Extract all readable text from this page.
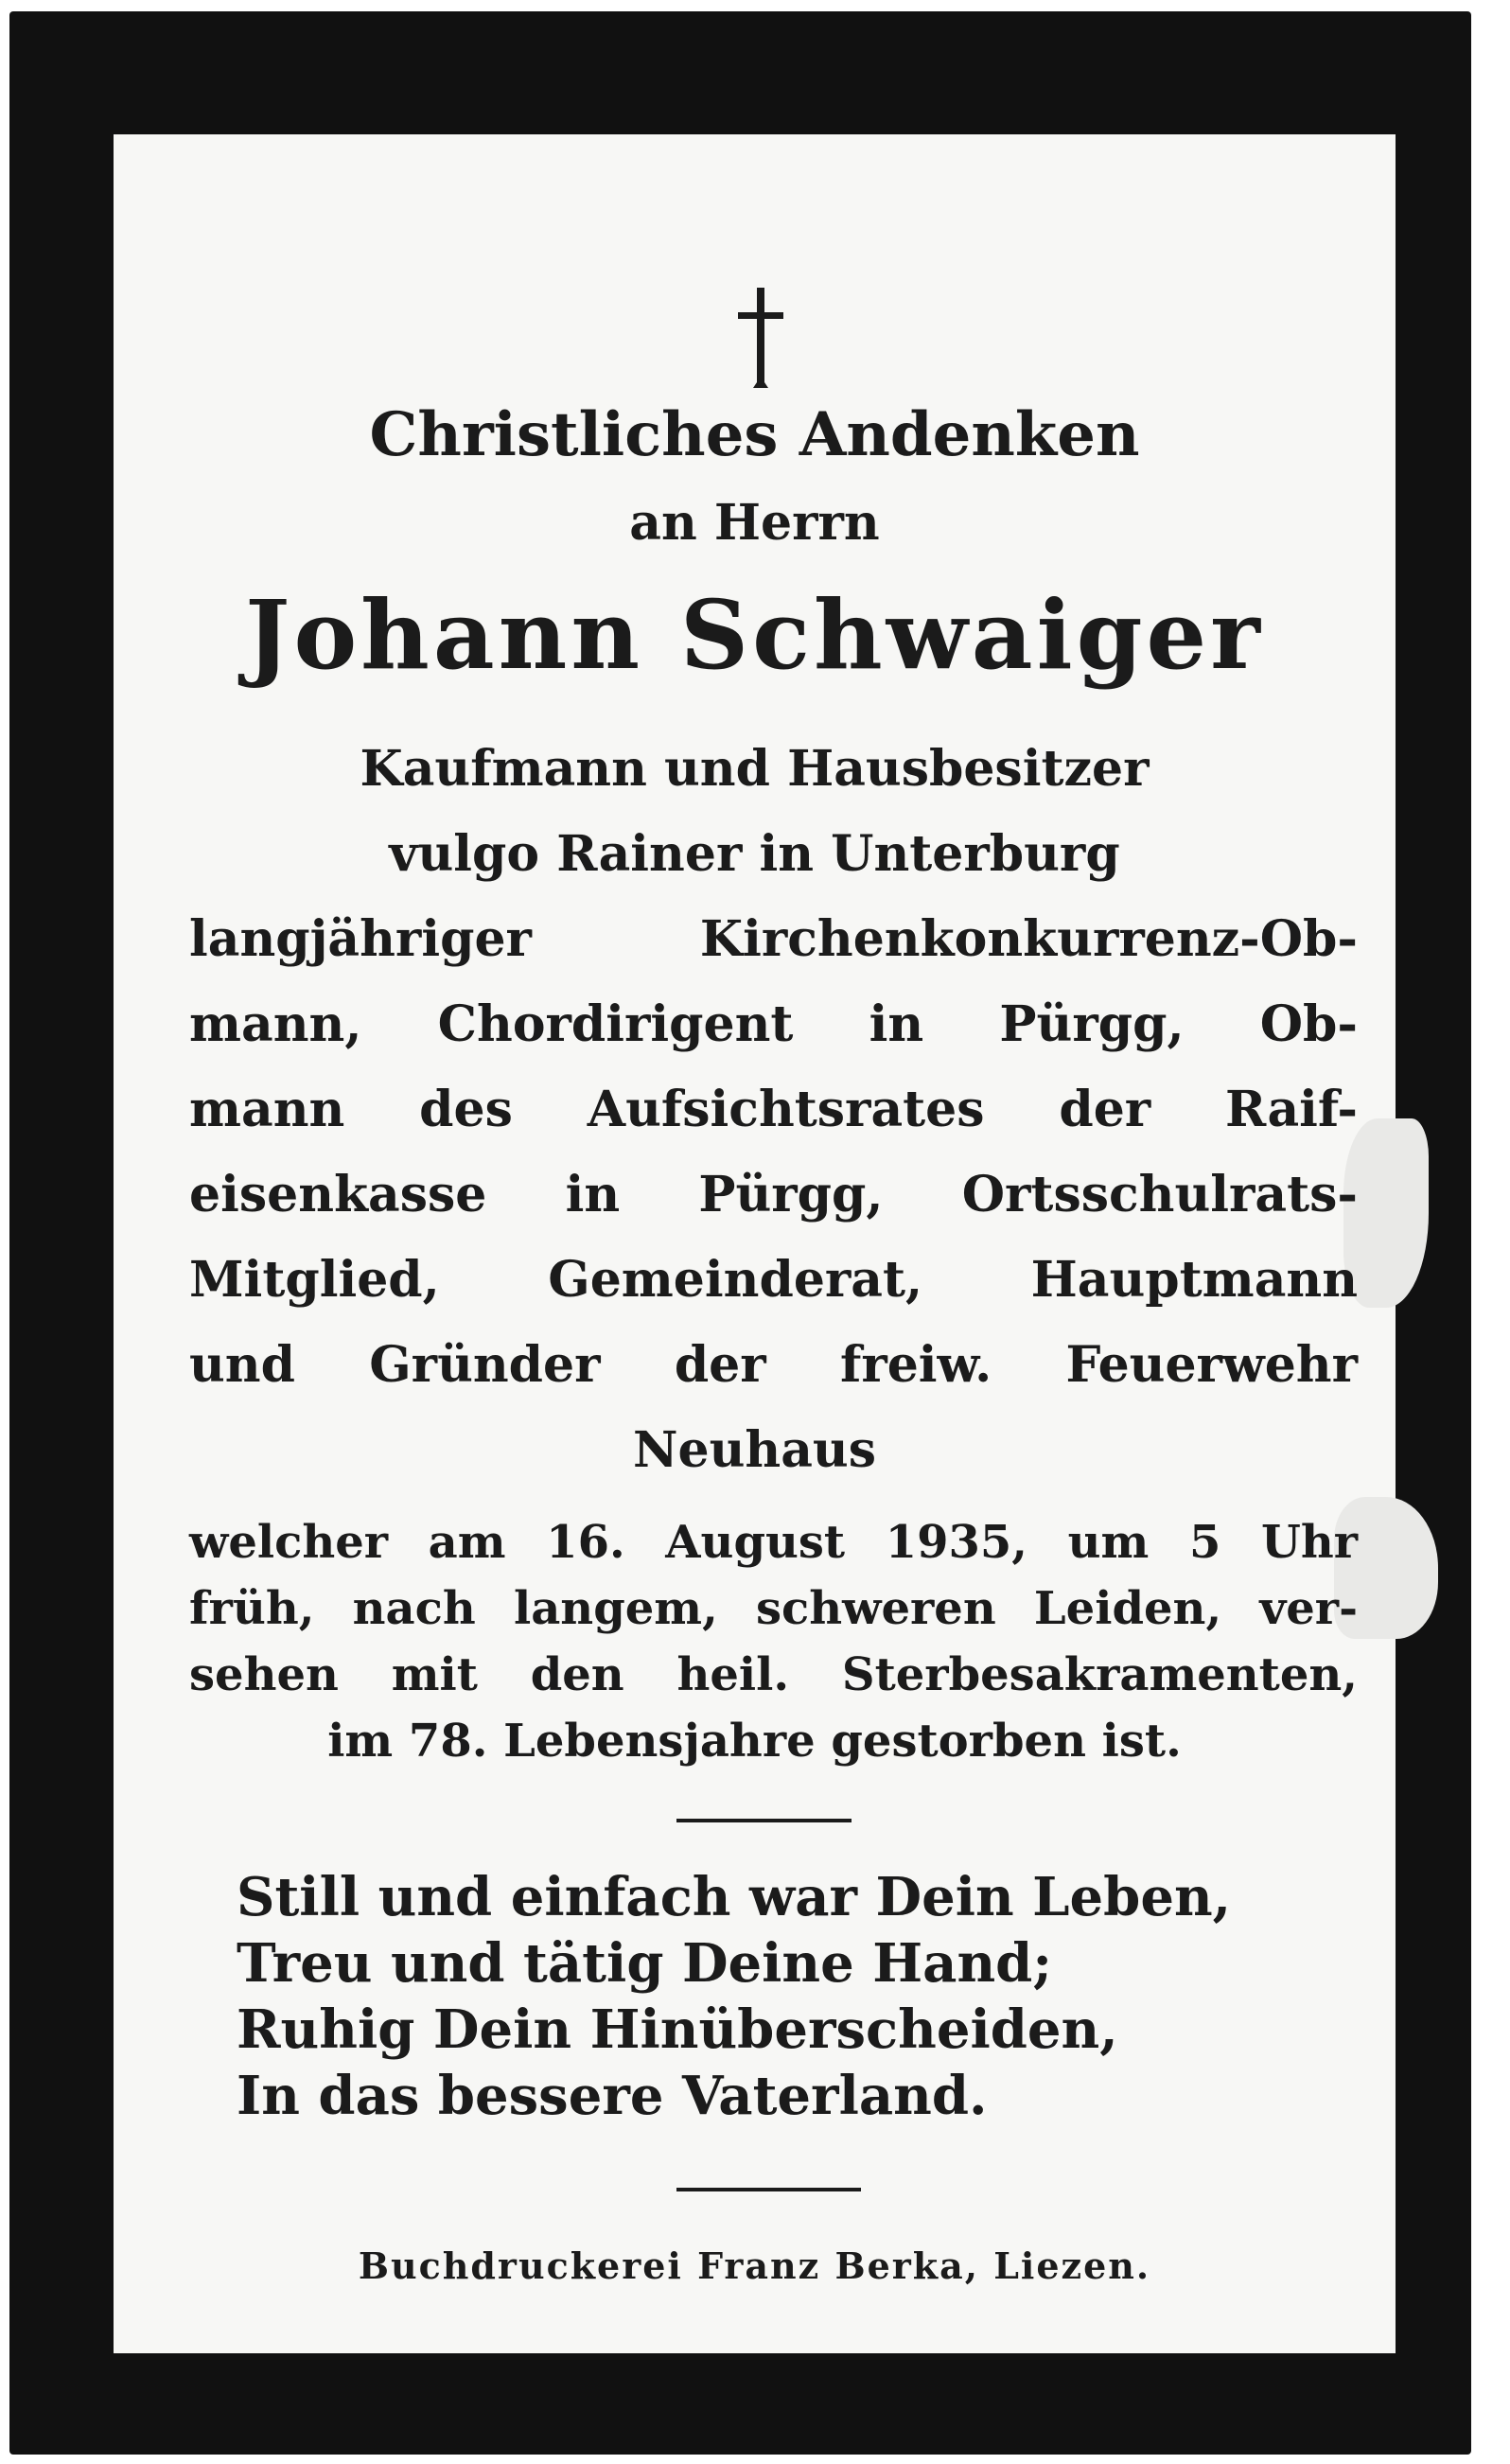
Christliches Andenken
an Herrn
Johann Schwaiger
Kaufmann und Hausbesitzer
vulgo Rainer in Unterburg
langjähriger Kirchenkonkurrenz-Ob-
mann, Chordirigent in Pürgg, Ob-
mann des Aufsichtsrates der Raif-
eisenkasse in Pürgg, Ortsschulrats-
Mitglied, Gemeinderat, Hauptmann
und Gründer der freiw. Feuerwehr
Neuhaus
welcher am 16. August 1935, um 5 Uhr
früh, nach langem, schweren Leiden, ver-
sehen mit den heil. Sterbesakramenten,
im 78. Lebensjahre gestorben ist.
Still und einfach war Dein Leben,
Treu und tätig Deine Hand;
Ruhig Dein Hinüberscheiden,
In das bessere Vaterland.
Buchdruckerei Franz Berka, Liezen.
